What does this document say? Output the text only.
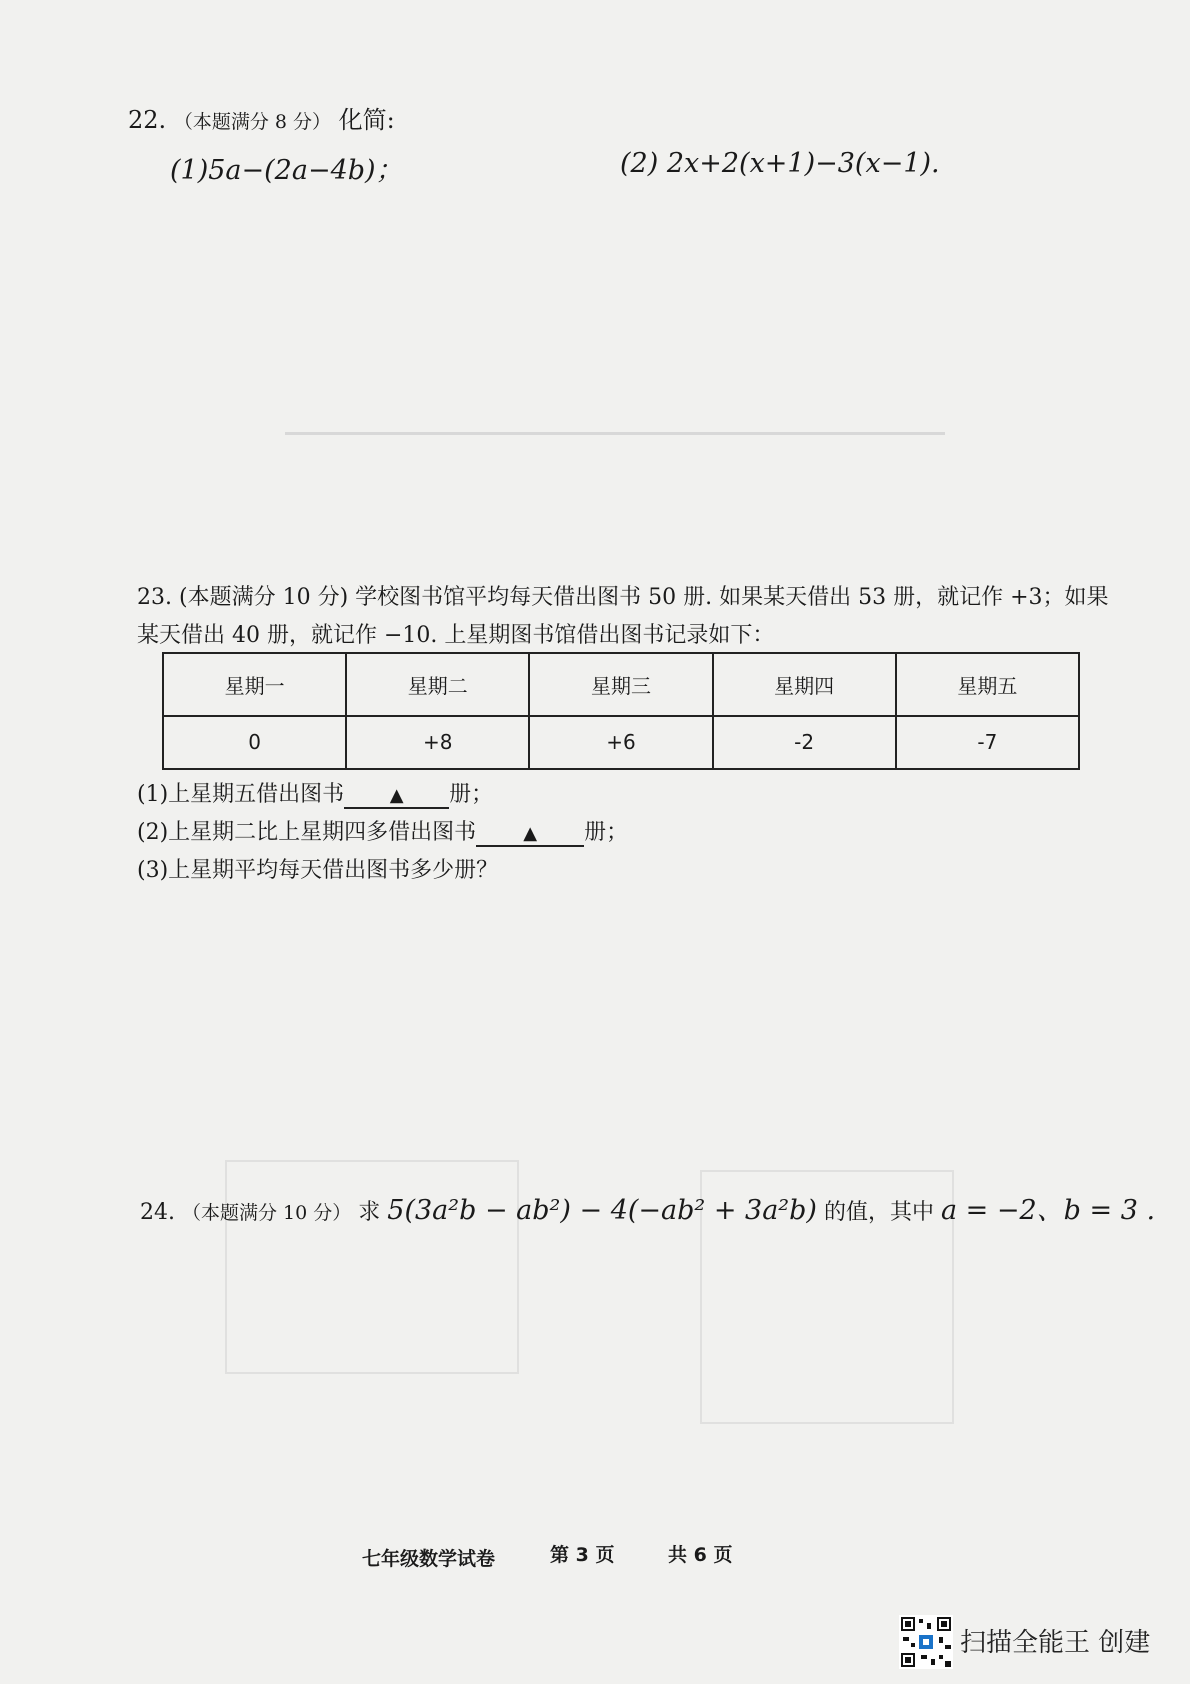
22. （本题满分 8 分） 化简:
(1)5a−(2a−4b)；	(2) 2x+2(x+1)−3(x−1).
23. (本题满分 10 分) 学校图书馆平均每天借出图书 50 册. 如果某天借出 53 册，就记作 +3；如果
某天借出 40 册，就记作 −10. 上星期图书馆借出图书记录如下：
星期一	星期二	星期三	星期四	星期五
0	+8	+6	-2	-7
(1)上星期五借出图书	▲ 册；
(2)上星期二比上星期四多借出图书	▲ 册；
(3)上星期平均每天借出图书多少册？
24. （本题满分 10 分） 求 5(3a²b − ab²) − 4(−ab² + 3a²b) 的值，其中 a = −2、b = 3 .
七年级数学试卷	第 3 页	共 6 页
扫描全能王 创建
